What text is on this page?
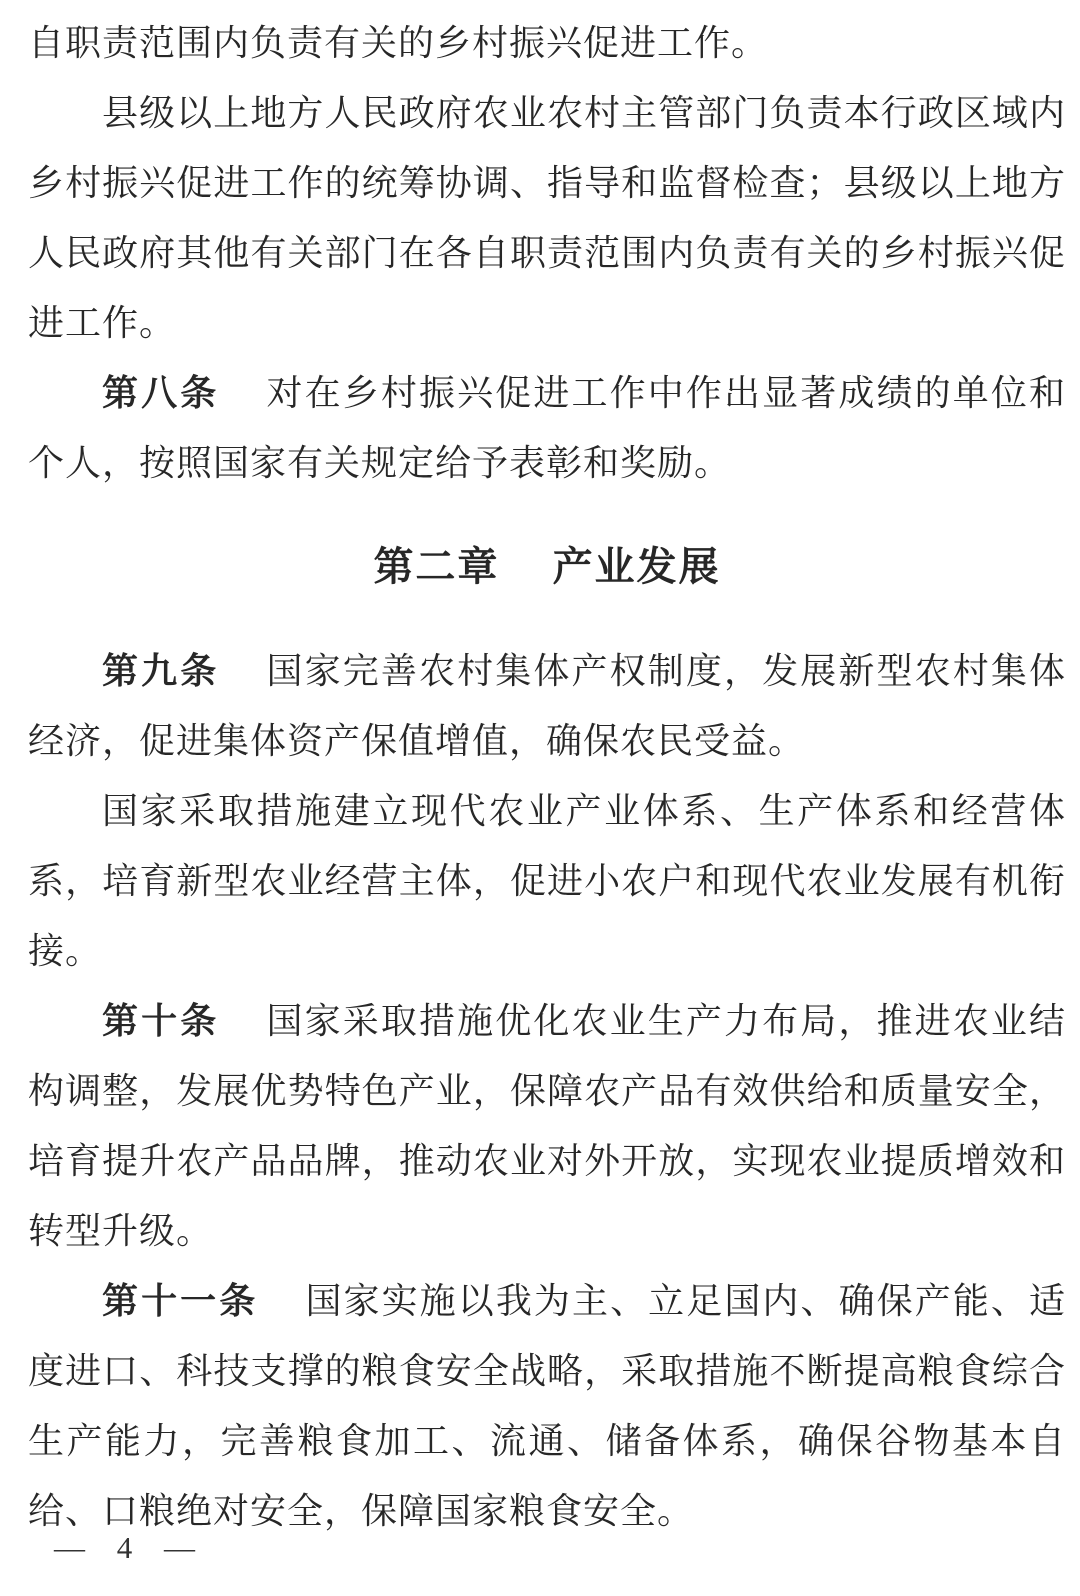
自职责范围内负责有关的乡村振兴促进工作。

县级以上地方人民政府农业农村主管部门负责本行政区域内乡村振兴促进工作的统筹协调、指导和监督检查；县级以上地方人民政府其他有关部门在各自职责范围内负责有关的乡村振兴促进工作。

第八条 对在乡村振兴促进工作中作出显著成绩的单位和个人，按照国家有关规定给予表彰和奖励。

第二章 产业发展

第九条 国家完善农村集体产权制度，发展新型农村集体经济，促进集体资产保值增值，确保农民受益。

国家采取措施建立现代农业产业体系、生产体系和经营体系，培育新型农业经营主体，促进小农户和现代农业发展有机衔接。

第十条 国家采取措施优化农业生产力布局，推进农业结构调整，发展优势特色产业，保障农产品有效供给和质量安全，培育提升农产品品牌，推动农业对外开放，实现农业提质增效和转型升级。

第十一条 国家实施以我为主、立足国内、确保产能、适度进口、科技支撑的粮食安全战略，采取措施不断提高粮食综合生产能力，完善粮食加工、流通、储备体系，确保谷物基本自给、口粮绝对安全，保障国家粮食安全。

— 4 —
